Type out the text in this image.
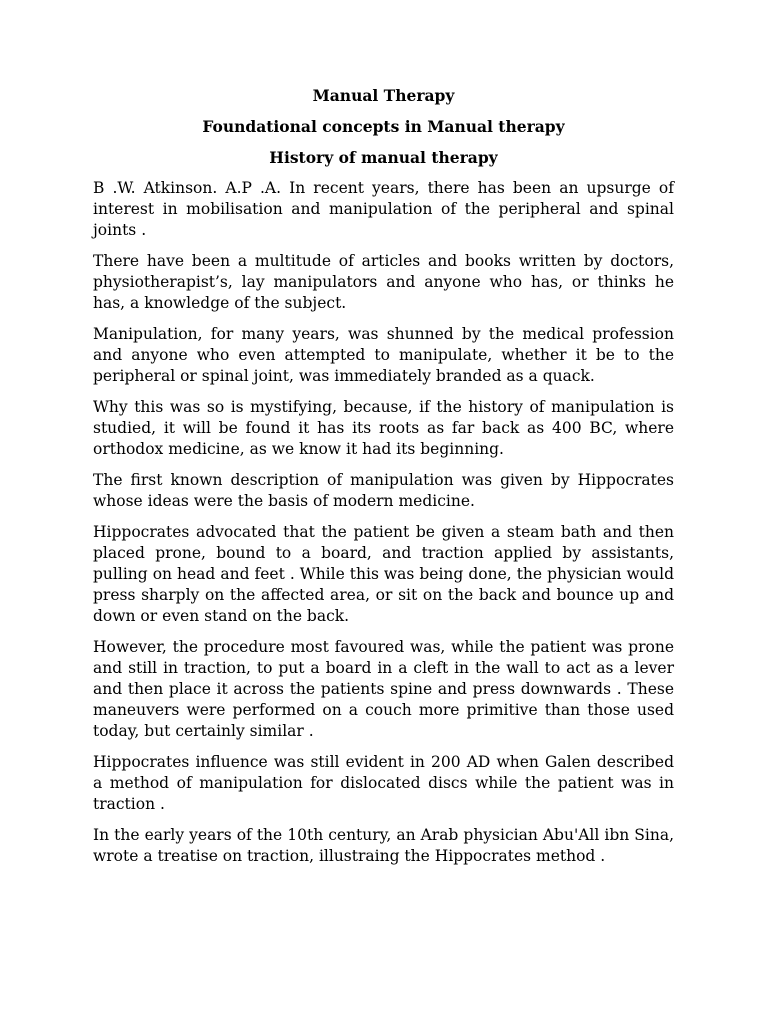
Manual Therapy
Foundational concepts in Manual therapy
History of manual therapy

B .W. Atkinson. A.P .A. In recent years, there has been an upsurge of interest in mobilisation and manipulation of the peripheral and spinal joints .

There have been a multitude of articles and books written by doctors, physiotherapist’s, lay manipulators and anyone who has, or thinks he has, a knowledge of the subject.

Manipulation, for many years, was shunned by the medical profession and anyone who even attempted to manipulate, whether it be to the peripheral or spinal joint, was immediately branded as a quack.

Why this was so is mystifying, because, if the history of manipulation is studied, it will be found it has its roots as far back as 400 BC, where orthodox medicine, as we know it had its beginning.

The first known description of manipulation was given by Hippocrates whose ideas were the basis of modern medicine.

Hippocrates advocated that the patient be given a steam bath and then placed prone, bound to a board, and traction applied by assistants, pulling on head and feet . While this was being done, the physician would press sharply on the affected area, or sit on the back and bounce up and down or even stand on the back.

However, the procedure most favoured was, while the patient was prone and still in traction, to put a board in a cleft in the wall to act as a lever and then place it across the patients spine and press downwards . These maneuvers were performed on a couch more primitive than those used today, but certainly similar .

Hippocrates influence was still evident in 200 AD when Galen described a method of manipulation for dislocated discs while the patient was in traction .

In the early years of the 10th century, an Arab physician Abu'All ibn Sina, wrote a treatise on traction, illustraing the Hippocrates method .
